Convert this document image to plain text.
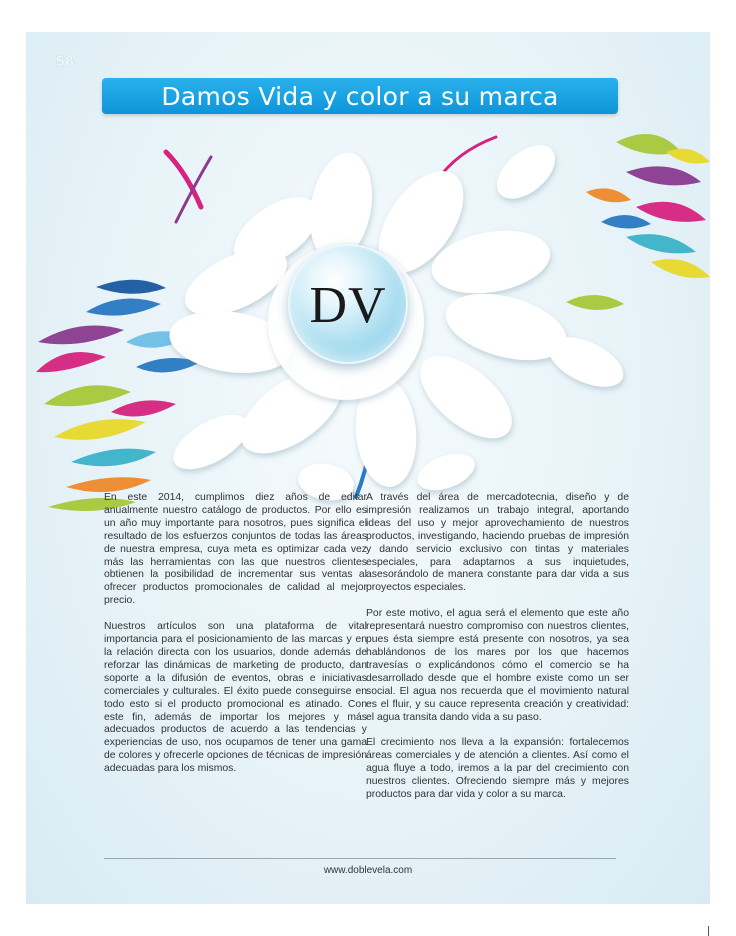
58
Damos Vida y color a su marca
DV

En este 2014, cumplimos diez años de editar anualmente nuestro catálogo de productos. Por ello es un año muy importante para nosotros, pues significa el resultado de los esfuerzos conjuntos de todas las áreas de nuestra empresa, cuya meta es optimizar cada vez más las herramientas con las que nuestros clientes obtienen la posibilidad de incrementar sus ventas al ofrecer productos promocionales de calidad al mejor precio.

Nuestros artículos son una plataforma de vital importancia para el posicionamiento de las marcas y en la relación directa con los usuarios, donde además de reforzar las dinámicas de marketing de producto, dan soporte a la difusión de eventos, obras e iniciativas comerciales y culturales. El éxito puede conseguirse en todo esto si el producto promocional es atinado. Con este fin, además de importar los mejores y más adecuados productos de acuerdo a las tendencias y experiencias de uso, nos ocupamos de tener una gama de colores y ofrecerle opciones de técnicas de impresión adecuadas para los mismos.

A través del área de mercadotecnia, diseño y de impresión realizamos un trabajo integral, aportando ideas del uso y mejor aprovechamiento de nuestros productos, investigando, haciendo pruebas de impresión y dando servicio exclusivo con tintas y materiales especiales, para adaptarnos a sus inquietudes, asesorándolo de manera constante para dar vida a sus proyectos especiales.

Por este motivo, el agua será el elemento que este año representará nuestro compromiso con nuestros clientes, pues ésta siempre está presente con nosotros, ya sea hablándonos de los mares por los que hacemos travesías o explicándonos cómo el comercio se ha desarrollado desde que el hombre existe como un ser social. El agua nos recuerda que el movimiento natural es el fluir, y su cauce representa creación y creatividad: el agua transita dando vida a su paso.

El crecimiento nos lleva a la expansión: fortalecemos áreas comerciales y de atención a clientes. Así como el agua fluye a todo, iremos a la par del crecimiento con nuestros clientes. Ofreciendo siempre más y mejores productos para dar vida y color a su marca.

www.doblevela.com
